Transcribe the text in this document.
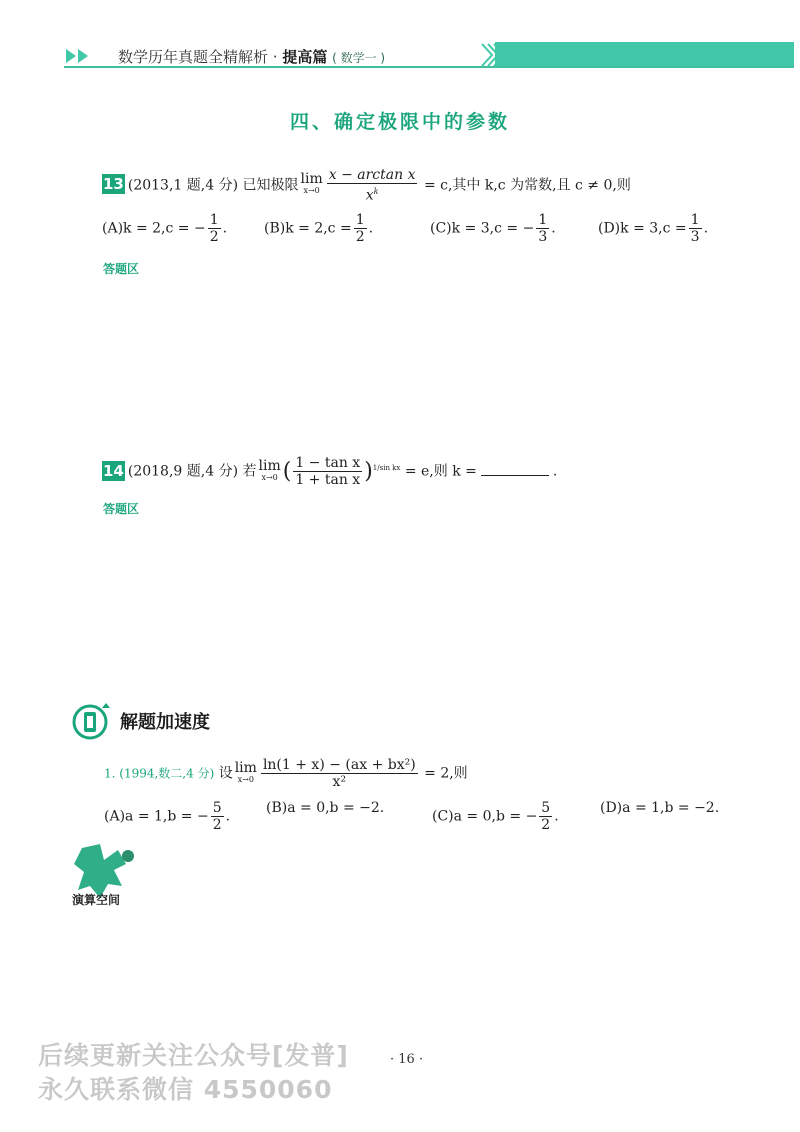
数学历年真题全精解析 · 提高篇 ( 数学一 )
四、确定极限中的参数
13 (2013,1 题,4 分) 已知极限 lim
$x\to 0 \frac{\text{x − arctan x}}{x^k} = c$,其中 k,c 为常数,且 c ≠ 0,则
(A)k = 2,c = − $\frac{1}{2}$ .	$(B)k = 2,c = \frac{1}{2}$ .	(C)k = 3,c = − $\frac{1}{3}$ .	$(D)k = 3,c = \frac{1}{3}$ .
答题区
14 (2018,9 题,4 分) 若 lim
x→0 ( $\frac{\text{1 − tan x}}{\text{1 + tan x}} )^{1/sin kx} = e$,则 k =	.
答题区
解题加速度
1. (1994,数二,4 分) 设 lim
$x\to 0 \frac{\text{ln(1 + x) − (ax + bx²)}}{\text{x²}} = 2$,则
(A)a = 1,b = − $\frac{5}{2}$ .
(B)a = 0,b = −2.
(C)a = 0,b = − $\frac{5}{2}$ .
(D)a = 1,b = −2.
演算空间
· 16 ·
后续更新关注公众号[发普]
永久联系微信 4550060
